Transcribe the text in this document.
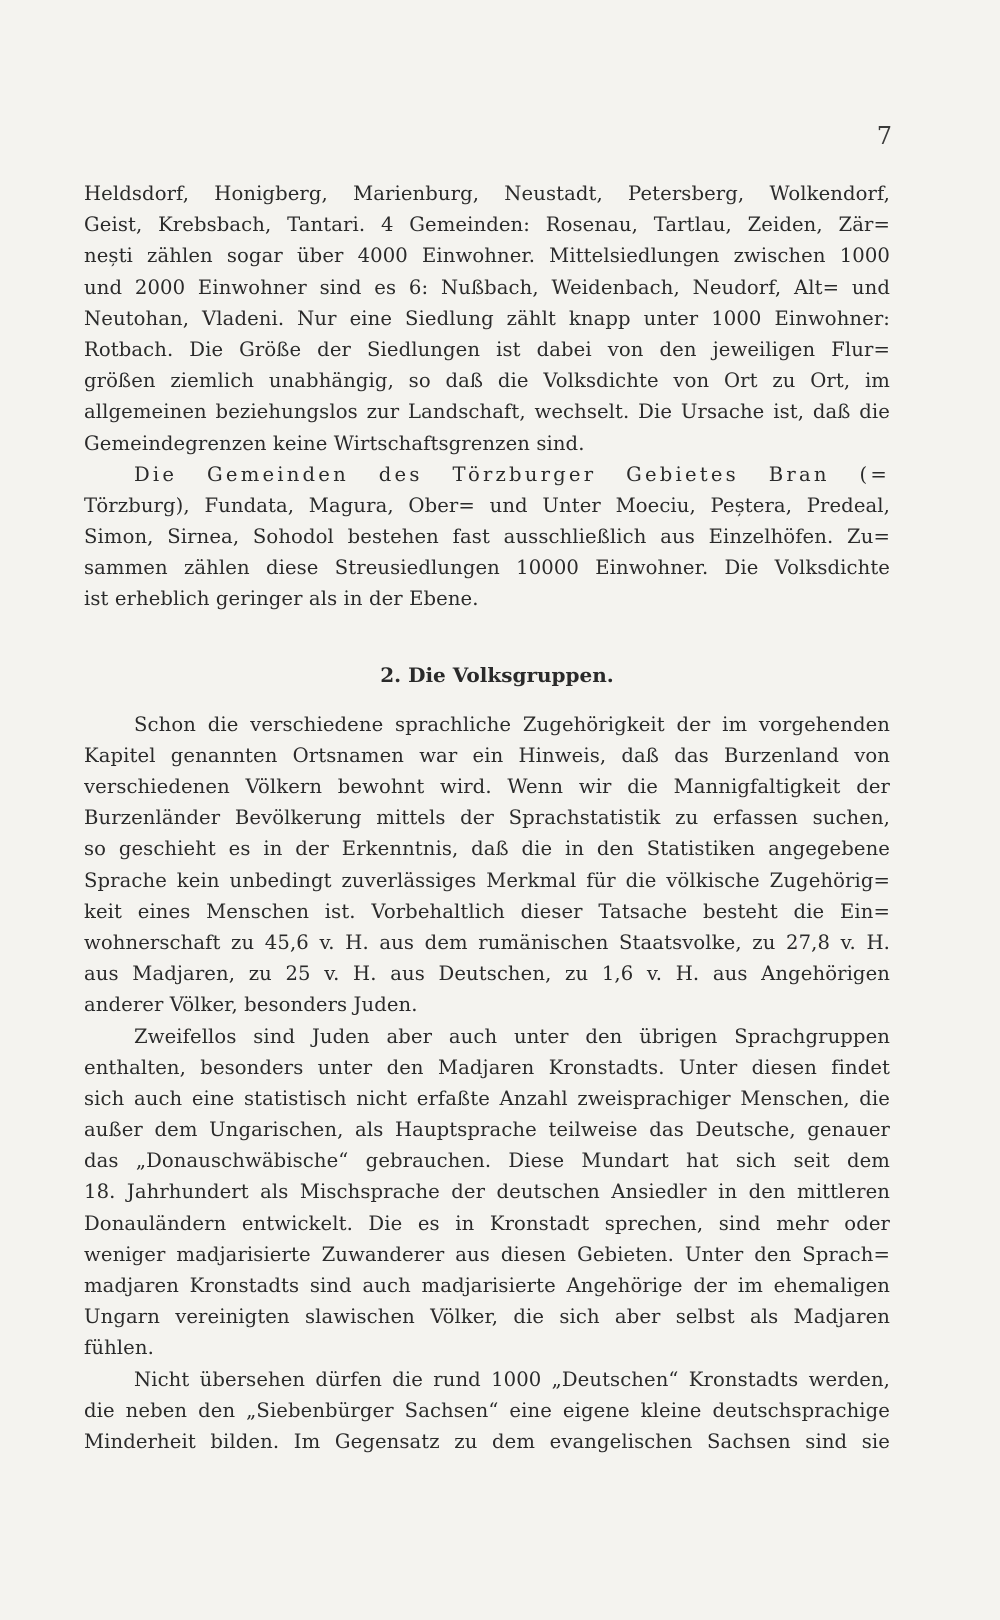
7
Heldsdorf, Honigberg, Marienburg, Neustadt, Petersberg, Wolkendorf,
Geist, Krebsbach, Tantari. 4 Gemeinden: Rosenau, Tartlau, Zeiden, Zär=
nești zählen sogar über 4000 Einwohner. Mittelsiedlungen zwischen 1000
und 2000 Einwohner sind es 6: Nußbach, Weidenbach, Neudorf, Alt= und
Neutohan, Vladeni. Nur eine Siedlung zählt knapp unter 1000 Einwohner:
Rotbach. Die Größe der Siedlungen ist dabei von den jeweiligen Flur=
größen ziemlich unabhängig, so daß die Volksdichte von Ort zu Ort, im
allgemeinen beziehungslos zur Landschaft, wechselt. Die Ursache ist, daß die
Gemeindegrenzen keine Wirtschaftsgrenzen sind.
Die Gemeinden des Törzburger Gebietes Bran (=
Törzburg), Fundata, Magura, Ober= und Unter Moeciu, Peștera, Predeal,
Simon, Sirnea, Sohodol bestehen fast ausschließlich aus Einzelhöfen. Zu=
sammen zählen diese Streusiedlungen 10000 Einwohner. Die Volksdichte
ist erheblich geringer als in der Ebene.
2. Die Volksgruppen.
Schon die verschiedene sprachliche Zugehörigkeit der im vorgehenden
Kapitel genannten Ortsnamen war ein Hinweis, daß das Burzenland von
verschiedenen Völkern bewohnt wird. Wenn wir die Mannigfaltigkeit der
Burzenländer Bevölkerung mittels der Sprachstatistik zu erfassen suchen,
so geschieht es in der Erkenntnis, daß die in den Statistiken angegebene
Sprache kein unbedingt zuverlässiges Merkmal für die völkische Zugehörig=
keit eines Menschen ist. Vorbehaltlich dieser Tatsache besteht die Ein=
wohnerschaft zu 45,6 v. H. aus dem rumänischen Staatsvolke, zu 27,8 v. H.
aus Madjaren, zu 25 v. H. aus Deutschen, zu 1,6 v. H. aus Angehörigen
anderer Völker, besonders Juden.
Zweifellos sind Juden aber auch unter den übrigen Sprachgruppen
enthalten, besonders unter den Madjaren Kronstadts. Unter diesen findet
sich auch eine statistisch nicht erfaßte Anzahl zweisprachiger Menschen, die
außer dem Ungarischen, als Hauptsprache teilweise das Deutsche, genauer
das „Donauschwäbische“ gebrauchen. Diese Mundart hat sich seit dem
18. Jahrhundert als Mischsprache der deutschen Ansiedler in den mittleren
Donauländern entwickelt. Die es in Kronstadt sprechen, sind mehr oder
weniger madjarisierte Zuwanderer aus diesen Gebieten. Unter den Sprach=
madjaren Kronstadts sind auch madjarisierte Angehörige der im ehemaligen
Ungarn vereinigten slawischen Völker, die sich aber selbst als Madjaren
fühlen.
Nicht übersehen dürfen die rund 1000 „Deutschen“ Kronstadts werden,
die neben den „Siebenbürger Sachsen“ eine eigene kleine deutschsprachige
Minderheit bilden. Im Gegensatz zu dem evangelischen Sachsen sind sie
